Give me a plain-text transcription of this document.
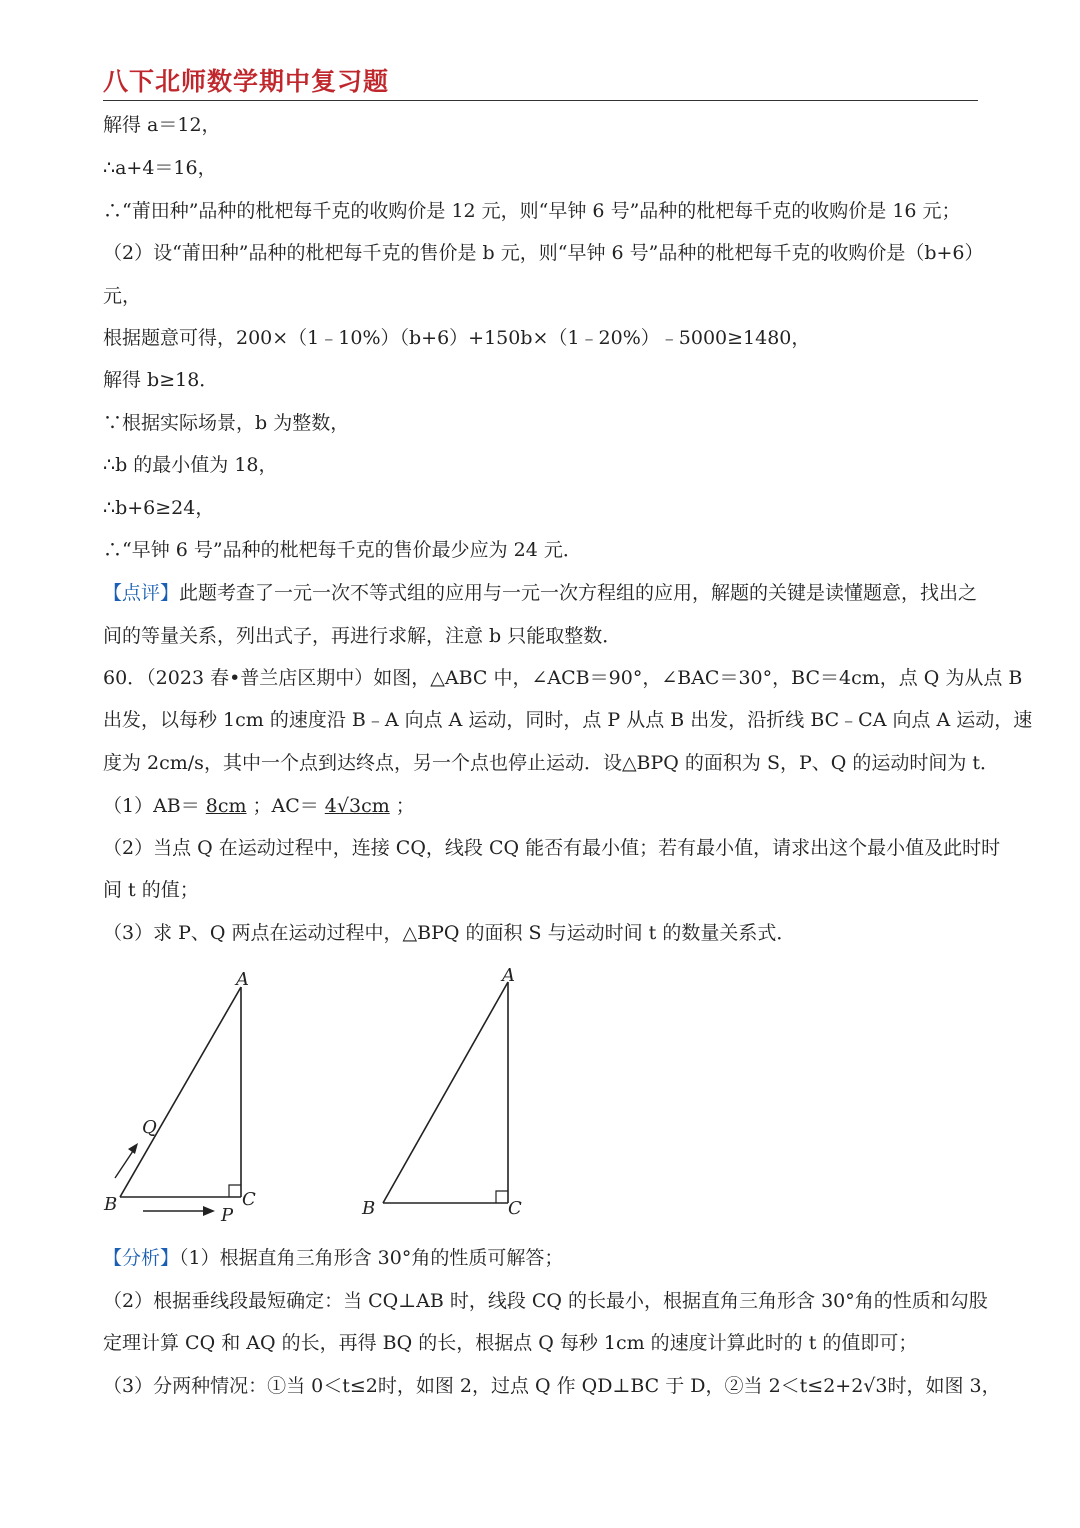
八下北师数学期中复习题
解得 a＝12，
∴a+4＝16，
∴“莆田种”品种的枇杷每千克的收购价是 12 元，则“早钟 6 号”品种的枇杷每千克的收购价是 16 元；
（2）设“莆田种”品种的枇杷每千克的售价是 b 元，则“早钟 6 号”品种的枇杷每千克的收购价是（b+6）
元，
根据题意可得，200×（1﹣10%）（b+6）+150b×（1﹣20%）﹣5000≥1480，
解得 b≥18．
∵根据实际场景，b 为整数，
∴b 的最小值为 18，
∴b+6≥24，
∴“早钟 6 号”品种的枇杷每千克的售价最少应为 24 元．
【点评】此题考查了一元一次不等式组的应用与一元一次方程组的应用，解题的关键是读懂题意，找出之
间的等量关系，列出式子，再进行求解，注意 b 只能取整数．
60．（2023 春•普兰店区期中）如图，△ABC 中，∠ACB＝90°，∠BAC＝30°，BC＝4cm，点 Q 为从点 B
出发，以每秒 1cm 的速度沿 B﹣A 向点 A 运动，同时，点 P 从点 B 出发，沿折线 BC﹣CA 向点 A 运动，速
度为 2cm/s，其中一个点到达终点，另一个点也停止运动．设△BPQ 的面积为 S，P、Q 的运动时间为 t．
（1）AB＝ 8cm ；AC＝ 4√3cm ；
（2）当点 Q 在运动过程中，连接 CQ，线段 CQ 能否有最小值；若有最小值，请求出这个最小值及此时时
间 t 的值；
（3）求 P、Q 两点在运动过程中，△BPQ 的面积 S 与运动时间 t 的数量关系式．
A
B	C
Q
P
A
B	C
【分析】（1）根据直角三角形含 30°角的性质可解答；
（2）根据垂线段最短确定：当 CQ⊥AB 时，线段 CQ 的长最小，根据直角三角形含 30°角的性质和勾股
定理计算 CQ 和 AQ 的长，再得 BQ 的长，根据点 Q 每秒 1cm 的速度计算此时的 t 的值即可；
（3）分两种情况：①当 0＜t≤2时，如图 2，过点 Q 作 QD⊥BC 于 D，②当 2＜t≤2+2√3时，如图 3，
